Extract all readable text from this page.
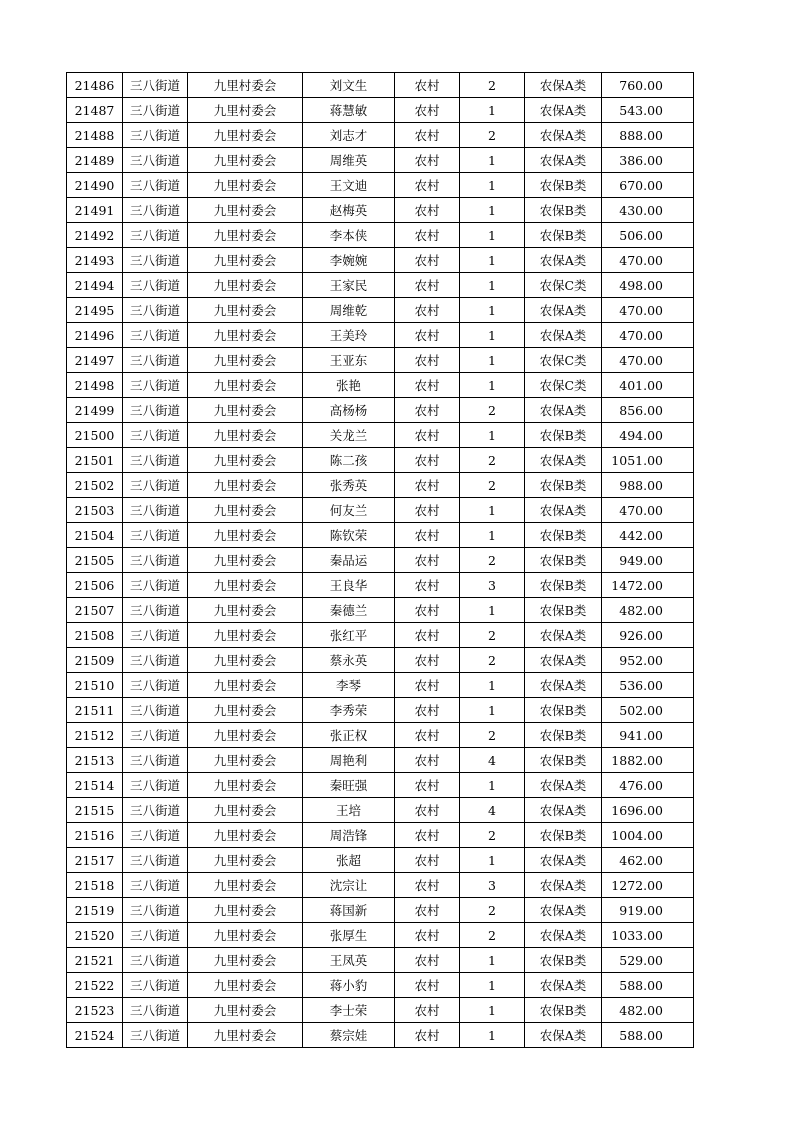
21486	三八街道	九里村委会	刘文生	农村	2	农保A类	760.00
21487	三八街道	九里村委会	蒋慧敏	农村	1	农保A类	543.00
21488	三八街道	九里村委会	刘志才	农村	2	农保A类	888.00
21489	三八街道	九里村委会	周维英	农村	1	农保A类	386.00
21490	三八街道	九里村委会	王文迪	农村	1	农保B类	670.00
21491	三八街道	九里村委会	赵梅英	农村	1	农保B类	430.00
21492	三八街道	九里村委会	李本侠	农村	1	农保B类	506.00
21493	三八街道	九里村委会	李婉婉	农村	1	农保A类	470.00
21494	三八街道	九里村委会	王家民	农村	1	农保C类	498.00
21495	三八街道	九里村委会	周维乾	农村	1	农保A类	470.00
21496	三八街道	九里村委会	王美玲	农村	1	农保A类	470.00
21497	三八街道	九里村委会	王亚东	农村	1	农保C类	470.00
21498	三八街道	九里村委会	张艳	农村	1	农保C类	401.00
21499	三八街道	九里村委会	高杨杨	农村	2	农保A类	856.00
21500	三八街道	九里村委会	关龙兰	农村	1	农保B类	494.00
21501	三八街道	九里村委会	陈二孩	农村	2	农保A类	1051.00
21502	三八街道	九里村委会	张秀英	农村	2	农保B类	988.00
21503	三八街道	九里村委会	何友兰	农村	1	农保A类	470.00
21504	三八街道	九里村委会	陈钦荣	农村	1	农保B类	442.00
21505	三八街道	九里村委会	秦品运	农村	2	农保B类	949.00
21506	三八街道	九里村委会	王良华	农村	3	农保B类	1472.00
21507	三八街道	九里村委会	秦德兰	农村	1	农保B类	482.00
21508	三八街道	九里村委会	张红平	农村	2	农保A类	926.00
21509	三八街道	九里村委会	蔡永英	农村	2	农保A类	952.00
21510	三八街道	九里村委会	李琴	农村	1	农保A类	536.00
21511	三八街道	九里村委会	李秀荣	农村	1	农保B类	502.00
21512	三八街道	九里村委会	张正权	农村	2	农保B类	941.00
21513	三八街道	九里村委会	周艳利	农村	4	农保B类	1882.00
21514	三八街道	九里村委会	秦旺强	农村	1	农保A类	476.00
21515	三八街道	九里村委会	王培	农村	4	农保A类	1696.00
21516	三八街道	九里村委会	周浩锋	农村	2	农保B类	1004.00
21517	三八街道	九里村委会	张超	农村	1	农保A类	462.00
21518	三八街道	九里村委会	沈宗让	农村	3	农保A类	1272.00
21519	三八街道	九里村委会	蒋国新	农村	2	农保A类	919.00
21520	三八街道	九里村委会	张厚生	农村	2	农保A类	1033.00
21521	三八街道	九里村委会	王凤英	农村	1	农保B类	529.00
21522	三八街道	九里村委会	蒋小豹	农村	1	农保A类	588.00
21523	三八街道	九里村委会	李士荣	农村	1	农保B类	482.00
21524	三八街道	九里村委会	蔡宗娃	农村	1	农保A类	588.00
